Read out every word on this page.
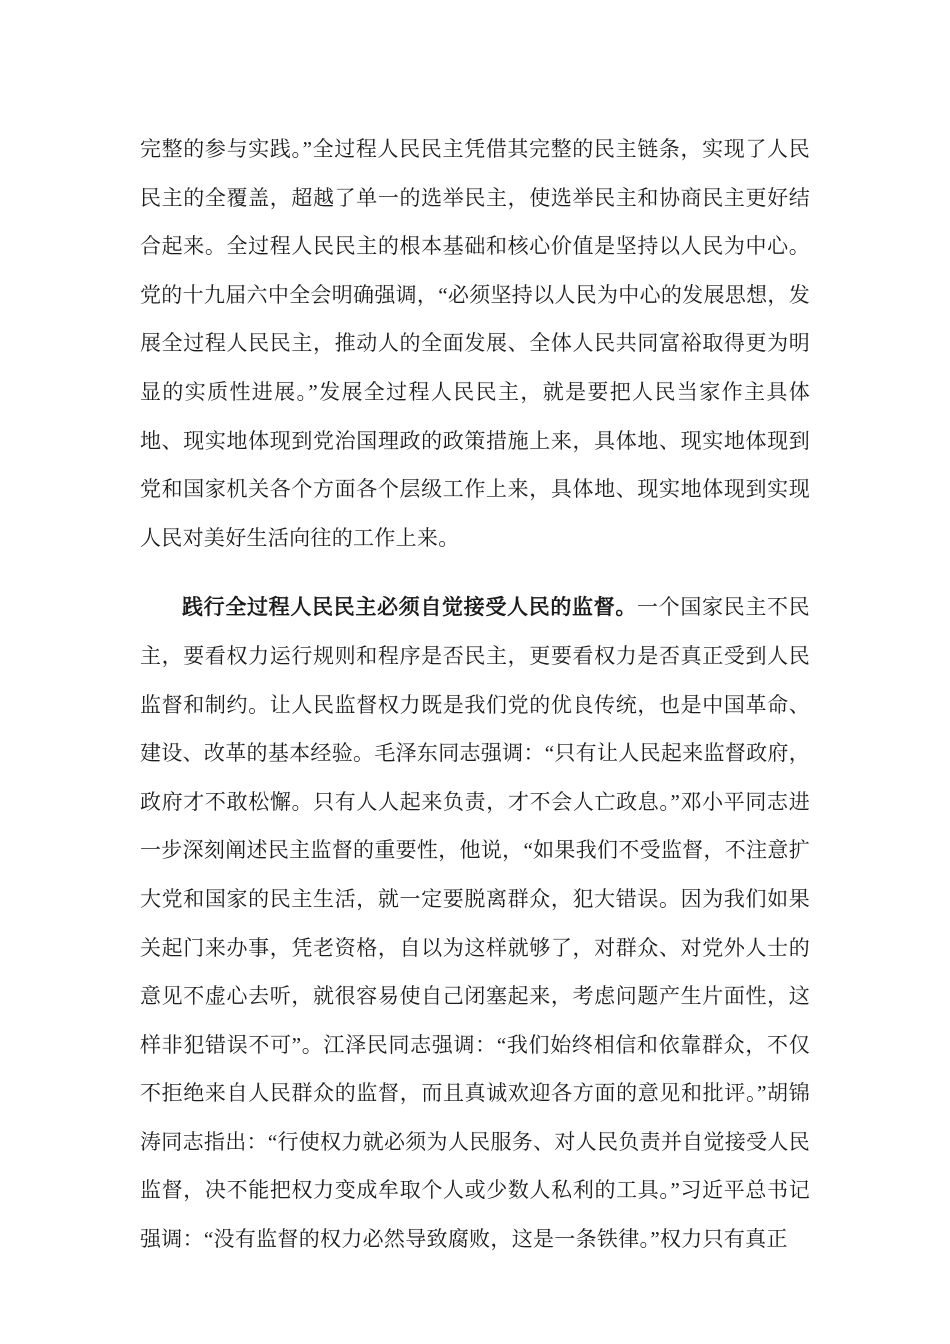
完整的参与实践。”全过程人民民主凭借其完整的民主链条，实现了人民民主的全覆盖，超越了单一的选举民主，使选举民主和协商民主更好结合起来。全过程人民民主的根本基础和核心价值是坚持以人民为中心。党的十九届六中全会明确强调，“必须坚持以人民为中心的发展思想，发展全过程人民民主，推动人的全面发展、全体人民共同富裕取得更为明显的实质性进展。”发展全过程人民民主，就是要把人民当家作主具体地、现实地体现到党治国理政的政策措施上来，具体地、现实地体现到党和国家机关各个方面各个层级工作上来，具体地、现实地体现到实现人民对美好生活向往的工作上来。

践行全过程人民民主必须自觉接受人民的监督。一个国家民主不民主，要看权力运行规则和程序是否民主，更要看权力是否真正受到人民监督和制约。让人民监督权力既是我们党的优良传统，也是中国革命、建设、改革的基本经验。毛泽东同志强调：“只有让人民起来监督政府，政府才不敢松懈。只有人人起来负责，才不会人亡政息。”邓小平同志进一步深刻阐述民主监督的重要性，他说，“如果我们不受监督，不注意扩大党和国家的民主生活，就一定要脱离群众，犯大错误。因为我们如果关起门来办事，凭老资格，自以为这样就够了，对群众、对党外人士的意见不虚心去听，就很容易使自己闭塞起来，考虑问题产生片面性，这样非犯错误不可”。江泽民同志强调：“我们始终相信和依靠群众，不仅不拒绝来自人民群众的监督，而且真诚欢迎各方面的意见和批评。”胡锦涛同志指出：“行使权力就必须为人民服务、对人民负责并自觉接受人民监督，决不能把权力变成牟取个人或少数人私利的工具。”习近平总书记强调：“没有监督的权力必然导致腐败，这是一条铁律。”权力只有真正
